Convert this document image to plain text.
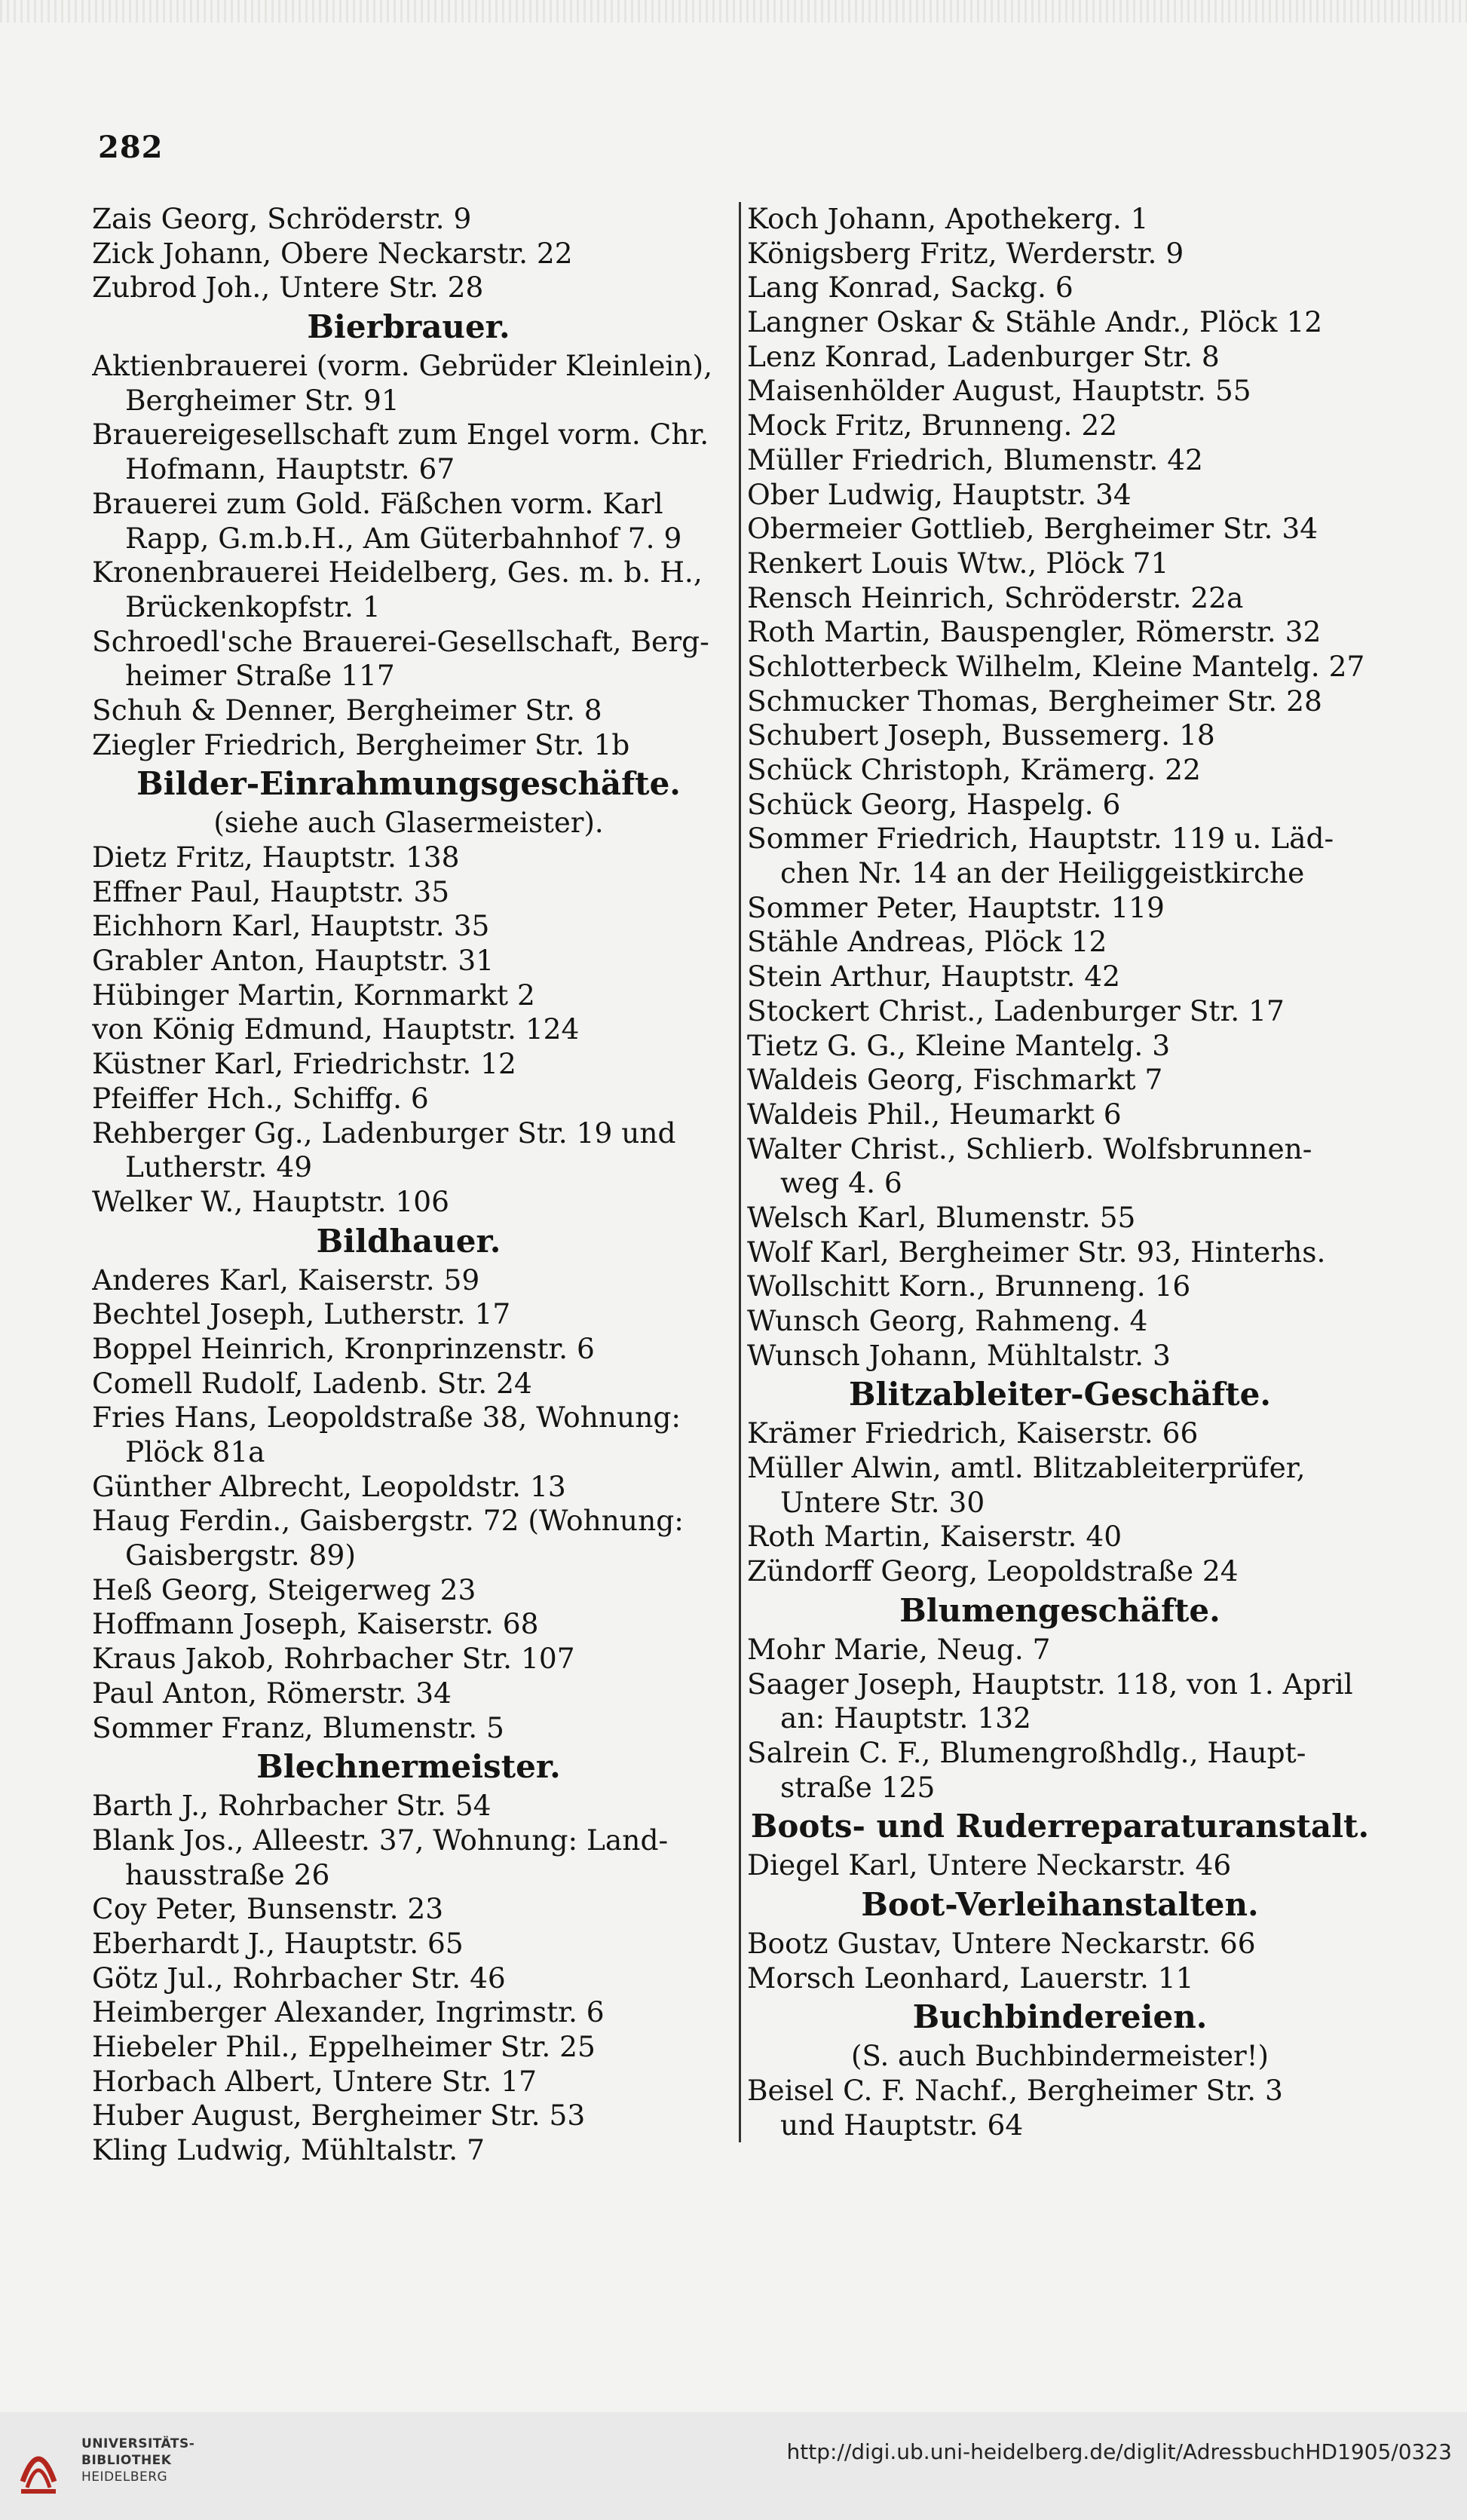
282
Zais Georg, Schröderstr. 9
Zick Johann, Obere Neckarstr. 22
Zubrod Joh., Untere Str. 28
Bierbrauer.
Aktienbrauerei (vorm. Gebrüder Kleinlein),
Bergheimer Str. 91
Brauereigesellschaft zum Engel vorm. Chr.
Hofmann, Hauptstr. 67
Brauerei zum Gold. Fäßchen vorm. Karl
Rapp, G.m.b.H., Am Güterbahnhof 7. 9
Kronenbrauerei Heidelberg, Ges. m. b. H.,
Brückenkopfstr. 1
Schroedl'sche Brauerei-Gesellschaft, Berg-
heimer Straße 117
Schuh & Denner, Bergheimer Str. 8
Ziegler Friedrich, Bergheimer Str. 1b
Bilder-Einrahmungsgeschäfte.
(siehe auch Glasermeister).
Dietz Fritz, Hauptstr. 138
Effner Paul, Hauptstr. 35
Eichhorn Karl, Hauptstr. 35
Grabler Anton, Hauptstr. 31
Hübinger Martin, Kornmarkt 2
von König Edmund, Hauptstr. 124
Küstner Karl, Friedrichstr. 12
Pfeiffer Hch., Schiffg. 6
Rehberger Gg., Ladenburger Str. 19 und
Lutherstr. 49
Welker W., Hauptstr. 106
Bildhauer.
Anderes Karl, Kaiserstr. 59
Bechtel Joseph, Lutherstr. 17
Boppel Heinrich, Kronprinzenstr. 6
Comell Rudolf, Ladenb. Str. 24
Fries Hans, Leopoldstraße 38, Wohnung:
Plöck 81a
Günther Albrecht, Leopoldstr. 13
Haug Ferdin., Gaisbergstr. 72 (Wohnung:
Gaisbergstr. 89)
Heß Georg, Steigerweg 23
Hoffmann Joseph, Kaiserstr. 68
Kraus Jakob, Rohrbacher Str. 107
Paul Anton, Römerstr. 34
Sommer Franz, Blumenstr. 5
Blechnermeister.
Barth J., Rohrbacher Str. 54
Blank Jos., Alleestr. 37, Wohnung: Land-
hausstraße 26
Coy Peter, Bunsenstr. 23
Eberhardt J., Hauptstr. 65
Götz Jul., Rohrbacher Str. 46
Heimberger Alexander, Ingrimstr. 6
Hiebeler Phil., Eppelheimer Str. 25
Horbach Albert, Untere Str. 17
Huber August, Bergheimer Str. 53
Kling Ludwig, Mühltalstr. 7
Koch Johann, Apothekerg. 1
Königsberg Fritz, Werderstr. 9
Lang Konrad, Sackg. 6
Langner Oskar & Stähle Andr., Plöck 12
Lenz Konrad, Ladenburger Str. 8
Maisenhölder August, Hauptstr. 55
Mock Fritz, Brunneng. 22
Müller Friedrich, Blumenstr. 42
Ober Ludwig, Hauptstr. 34
Obermeier Gottlieb, Bergheimer Str. 34
Renkert Louis Wtw., Plöck 71
Rensch Heinrich, Schröderstr. 22a
Roth Martin, Bauspengler, Römerstr. 32
Schlotterbeck Wilhelm, Kleine Mantelg. 27
Schmucker Thomas, Bergheimer Str. 28
Schubert Joseph, Bussemerg. 18
Schück Christoph, Krämerg. 22
Schück Georg, Haspelg. 6
Sommer Friedrich, Hauptstr. 119 u. Läd-
chen Nr. 14 an der Heiliggeistkirche
Sommer Peter, Hauptstr. 119
Stähle Andreas, Plöck 12
Stein Arthur, Hauptstr. 42
Stockert Christ., Ladenburger Str. 17
Tietz G. G., Kleine Mantelg. 3
Waldeis Georg, Fischmarkt 7
Waldeis Phil., Heumarkt 6
Walter Christ., Schlierb. Wolfsbrunnen-
weg 4. 6
Welsch Karl, Blumenstr. 55
Wolf Karl, Bergheimer Str. 93, Hinterhs.
Wollschitt Korn., Brunneng. 16
Wunsch Georg, Rahmeng. 4
Wunsch Johann, Mühltalstr. 3
Blitzableiter-Geschäfte.
Krämer Friedrich, Kaiserstr. 66
Müller Alwin, amtl. Blitzableiterprüfer,
Untere Str. 30
Roth Martin, Kaiserstr. 40
Zündorff Georg, Leopoldstraße 24
Blumengeschäfte.
Mohr Marie, Neug. 7
Saager Joseph, Hauptstr. 118, von 1. April
an: Hauptstr. 132
Salrein C. F., Blumengroßhdlg., Haupt-
straße 125
Boots- und Ruderreparaturanstalt.
Diegel Karl, Untere Neckarstr. 46
Boot-Verleihanstalten.
Bootz Gustav, Untere Neckarstr. 66
Morsch Leonhard, Lauerstr. 11
Buchbindereien.
(S. auch Buchbindermeister!)
Beisel C. F. Nachf., Bergheimer Str. 3
und Hauptstr. 64
UNIVERSITÄTS-
BIBLIOTHEK
HEIDELBERG
http://digi.ub.uni-heidelberg.de/diglit/AdressbuchHD1905/0323
